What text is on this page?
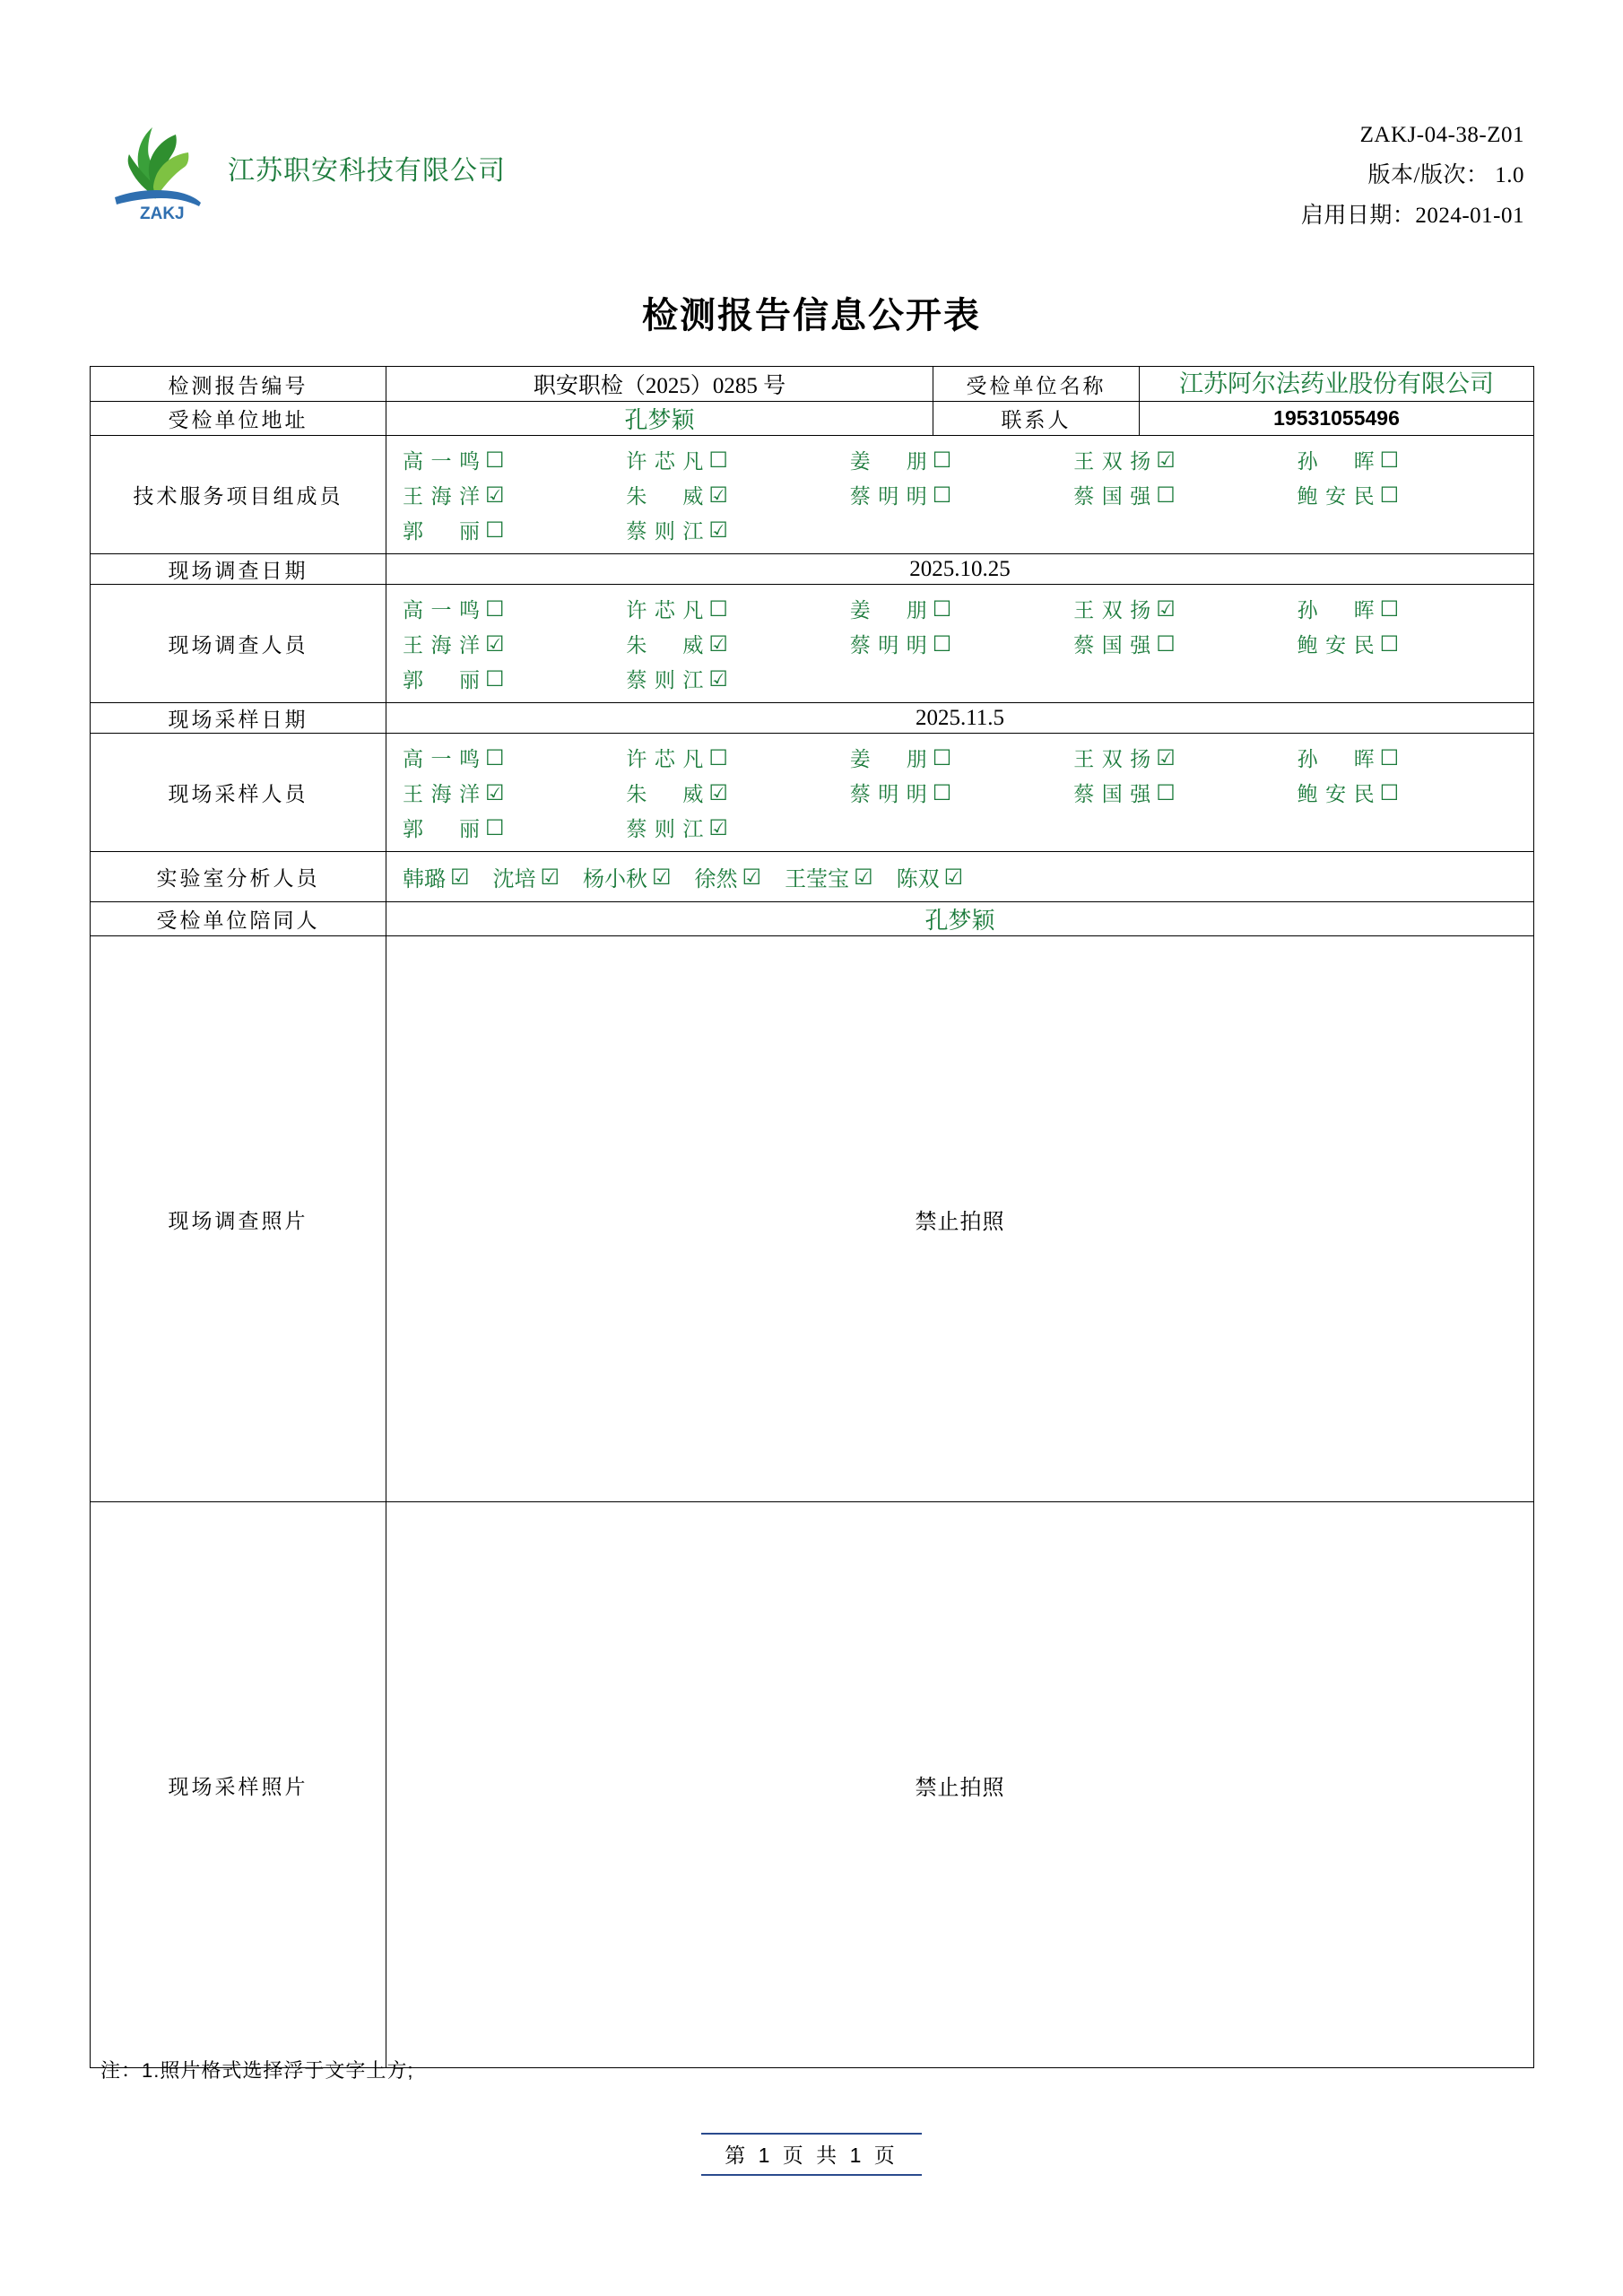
ZAKJ
江苏职安科技有限公司
ZAKJ-04-38-Z01
版本/版次： 1.0
启用日期：2024-01-01
检测报告信息公开表
检测报告编号	职安职检（2025）0285 号	受检单位名称	江苏阿尔法药业股份有限公司
受检单位地址	孔梦颖	联系人	19531055496
技术服务项目组成员	
高一鸣 ☐	许芯凡 ☐	姜　朋 ☐	王双扬 ☑	孙　晖 ☐
王海洋 ☑	朱　威 ☑	蔡明明 ☐	蔡国强 ☐	鲍安民 ☐
郭　丽 ☐	蔡则江 ☑

现场调查日期	2025.10.25		
现场调查人员	
高一鸣 ☐	许芯凡 ☐	姜　朋 ☐	王双扬 ☑	孙　晖 ☐
王海洋 ☑	朱　威 ☑	蔡明明 ☐	蔡国强 ☐	鲍安民 ☐
郭　丽 ☐	蔡则江 ☑

现场采样日期	2025.11.5		
现场采样人员	
高一鸣 ☐	许芯凡 ☐	姜　朋 ☐	王双扬 ☑	孙　晖 ☐
王海洋 ☑	朱　威 ☑	蔡明明 ☐	蔡国强 ☐	鲍安民 ☐
郭　丽 ☐	蔡则江 ☑

实验室分析人员	韩璐 ☑ 沈培 ☑ 杨小秋 ☑ 徐然 ☑ 王莹宝 ☑ 陈双 ☑

受检单位陪同人	孔梦颖		
现场调查照片	禁止拍照		
现场采样照片	禁止拍照		
注：1.照片格式选择浮于文字上方;
第 1 页 共 1 页
